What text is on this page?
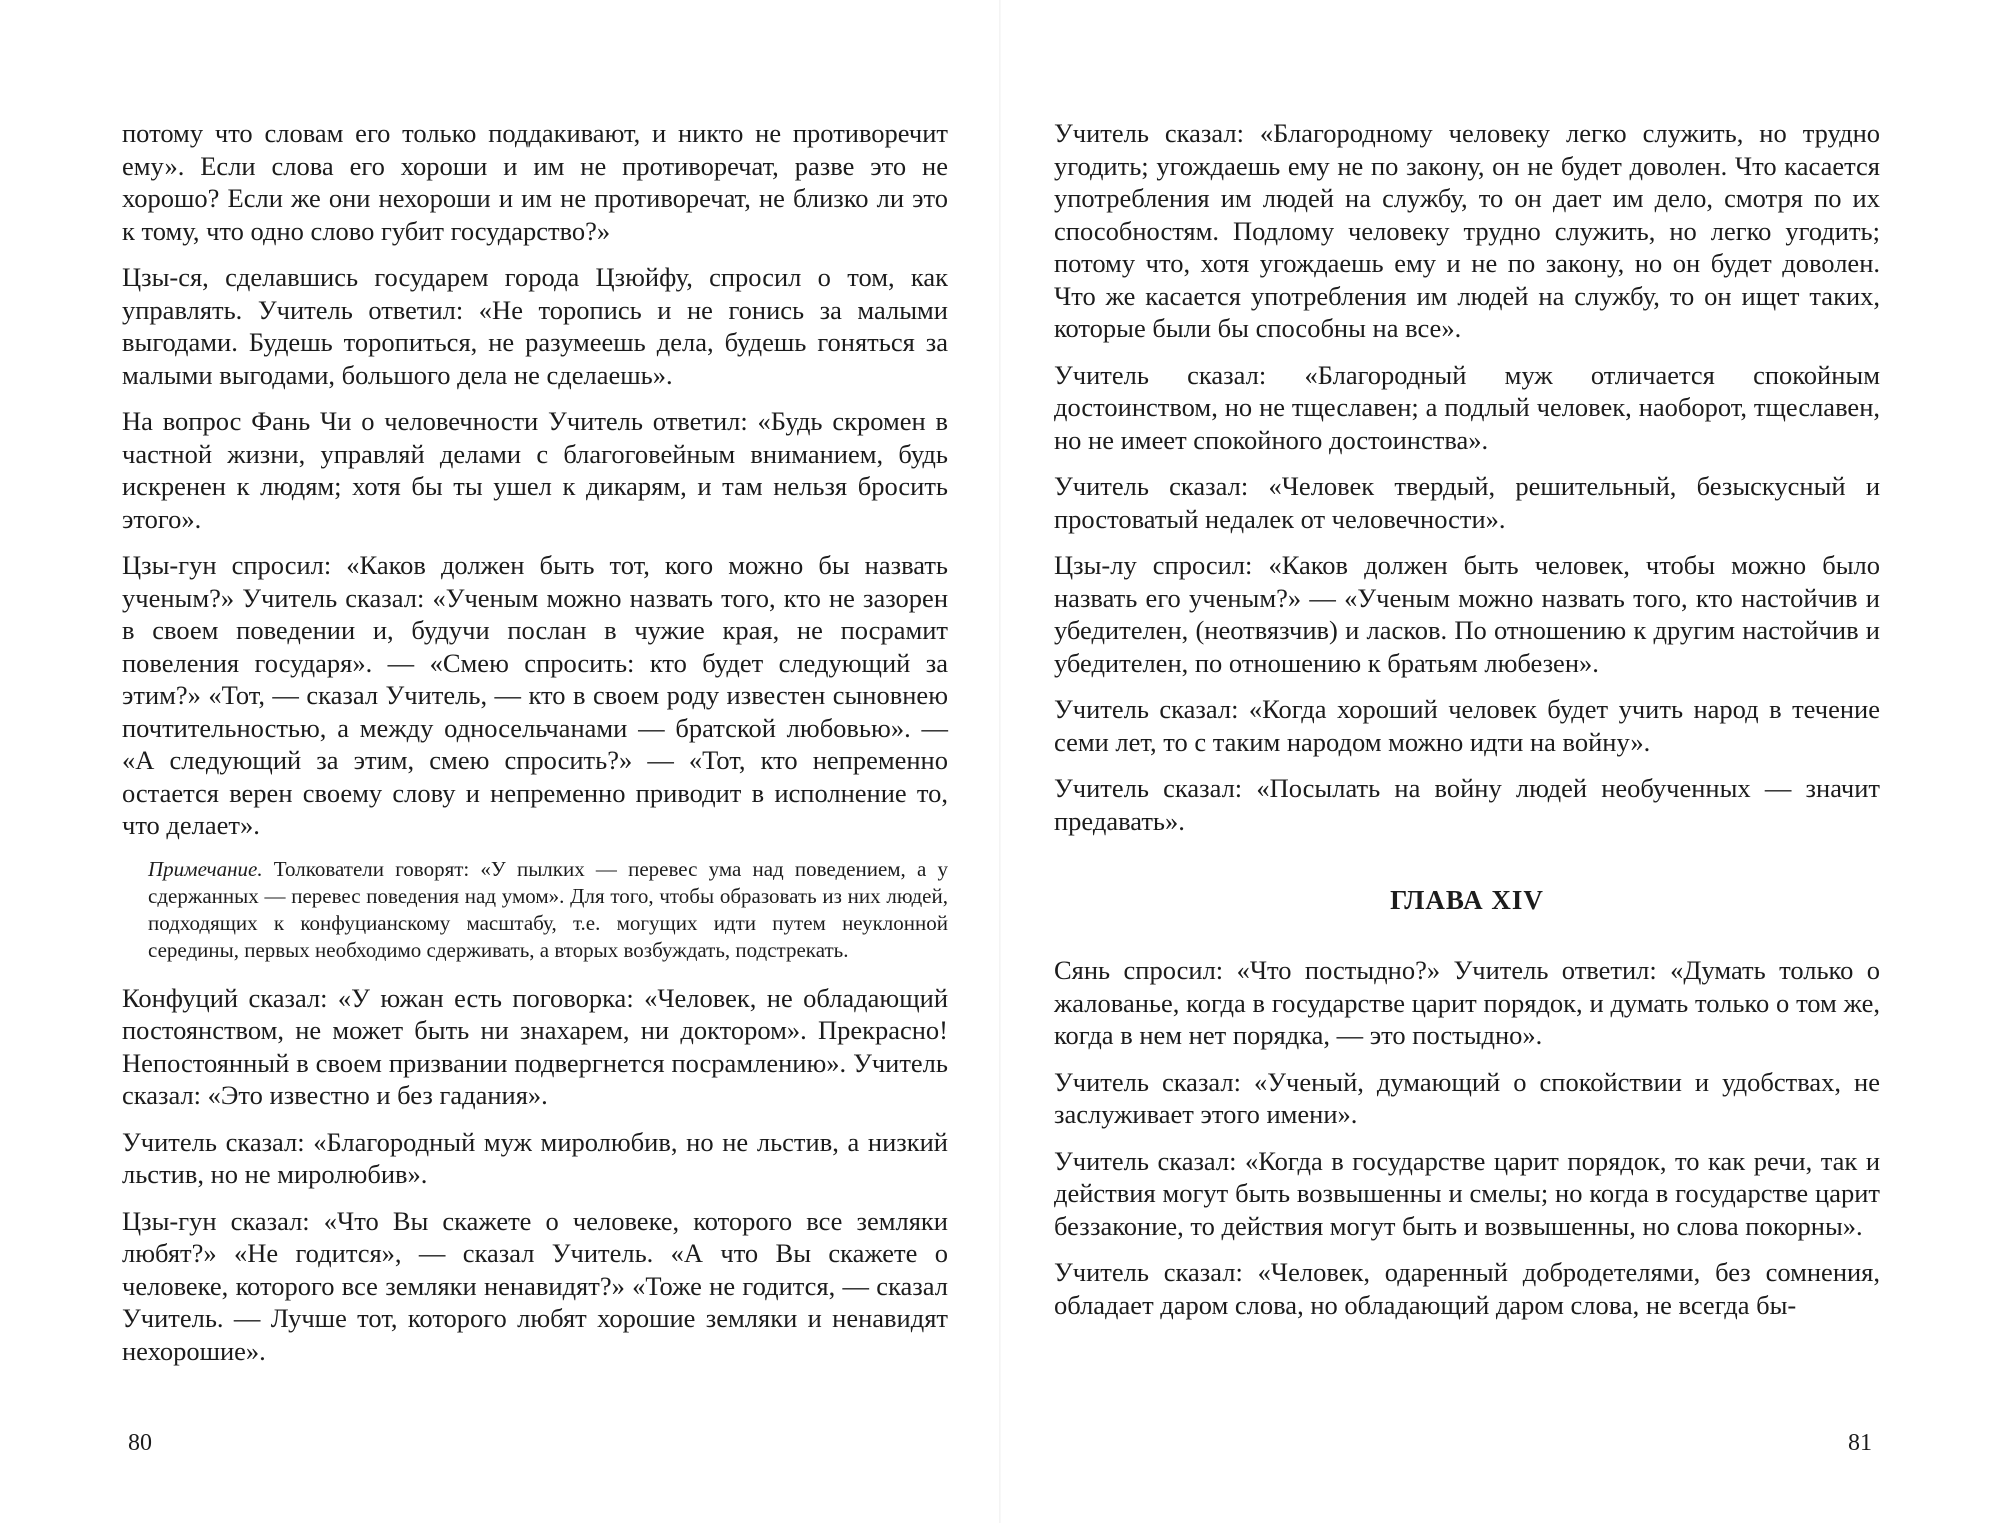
потому что словам его только поддакивают, и никто не противоречит ему». Если слова его хороши и им не противоречат, разве это не хорошо? Если же они нехороши и им не противоречат, не близко ли это к тому, что одно слово губит государство?»

Цзы-ся, сделавшись государем города Цзюйфу, спросил о том, как управлять. Учитель ответил: «Не торопись и не гонись за малыми выгодами. Будешь торопиться, не разумеешь дела, будешь гоняться за малыми выгодами, большого дела не сделаешь».

На вопрос Фань Чи о человечности Учитель ответил: «Будь скромен в частной жизни, управляй делами с благоговейным вниманием, будь искренен к людям; хотя бы ты ушел к дикарям, и там нельзя бросить этого».

Цзы-гун спросил: «Каков должен быть тот, кого можно бы назвать ученым?» Учитель сказал: «Ученым можно назвать того, кто не зазорен в своем поведении и, будучи послан в чужие края, не посрамит повеления государя». — «Смею спросить: кто будет следующий за этим?» «Тот, — сказал Учитель, — кто в своем роду известен сыновнею почтительностью, а между односельчанами — братской любовью». — «А следующий за этим, смею спросить?» — «Тот, кто непременно остается верен своему слову и непременно приводит в исполнение то, что делает».

Примечание. Толкователи говорят: «У пылких — перевес ума над поведением, а у сдержанных — перевес поведения над умом». Для того, чтобы образовать из них людей, подходящих к конфуцианскому масштабу, т.е. могущих идти путем неуклонной середины, первых необходимо сдерживать, а вторых возбуждать, подстрекать.

Конфуций сказал: «У южан есть поговорка: «Человек, не обладающий постоянством, не может быть ни знахарем, ни доктором». Прекрасно! Непостоянный в своем призвании подвергнется посрамлению». Учитель сказал: «Это известно и без гадания».

Учитель сказал: «Благородный муж миролюбив, но не льстив, а низкий льстив, но не миролюбив».

Цзы-гун сказал: «Что Вы скажете о человеке, которого все земляки любят?» «Не годится», — сказал Учитель. «А что Вы скажете о человеке, которого все земляки ненавидят?» «Тоже не годится, — сказал Учитель. — Лучше тот, которого любят хорошие земляки и ненавидят нехорошие».

80

Учитель сказал: «Благородному человеку легко служить, но трудно угодить; угождаешь ему не по закону, он не будет доволен. Что касается употребления им людей на службу, то он дает им дело, смотря по их способностям. Подлому человеку трудно служить, но легко угодить; потому что, хотя угождаешь ему и не по закону, но он будет доволен. Что же касается употребления им людей на службу, то он ищет таких, которые были бы способны на все».

Учитель сказал: «Благородный муж отличается спокойным достоинством, но не тщеславен; а подлый человек, наоборот, тщеславен, но не имеет спокойного достоинства».

Учитель сказал: «Человек твердый, решительный, безыскусный и простоватый недалек от человечности».

Цзы-лу спросил: «Каков должен быть человек, чтобы можно было назвать его ученым?» — «Ученым можно назвать того, кто настойчив и убедителен, (неотвязчив) и ласков. По отношению к другим настойчив и убедителен, по отношению к братьям любезен».

Учитель сказал: «Когда хороший человек будет учить народ в течение семи лет, то с таким народом можно идти на войну».

Учитель сказал: «Посылать на войну людей необученных — значит предавать».

ГЛАВА XIV

Сянь спросил: «Что постыдно?» Учитель ответил: «Думать только о жалованье, когда в государстве царит порядок, и думать только о том же, когда в нем нет порядка, — это постыдно».

Учитель сказал: «Ученый, думающий о спокойствии и удобствах, не заслуживает этого имени».

Учитель сказал: «Когда в государстве царит порядок, то как речи, так и действия могут быть возвышенны и смелы; но когда в государстве царит беззаконие, то действия могут быть и возвышенны, но слова покорны».

Учитель сказал: «Человек, одаренный добродетелями, без сомнения, обладает даром слова, но обладающий даром слова, не всегда бы-

81
